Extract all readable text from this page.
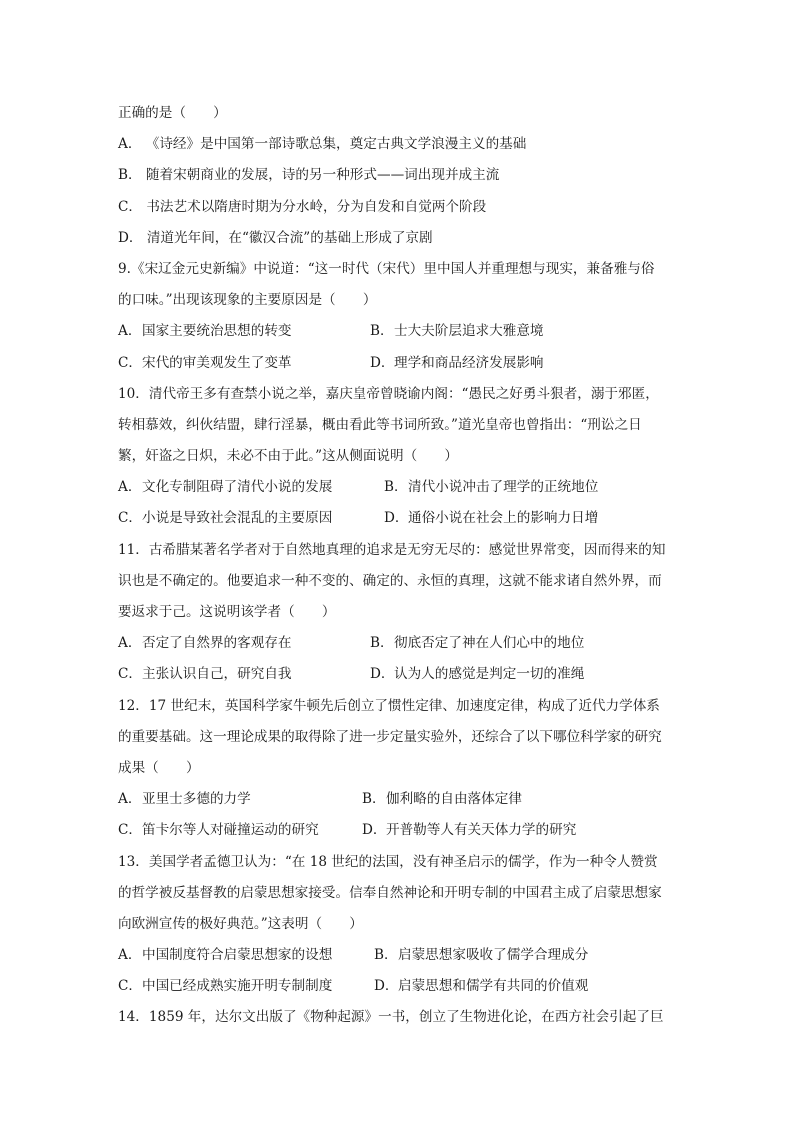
正确的是（　　）
A． 《诗经》是中国第一部诗歌总集，奠定古典文学浪漫主义的基础
B． 随着宋朝商业的发展，诗的另一种形式——词出现并成主流
C． 书法艺术以隋唐时期为分水岭，分为自发和自觉两个阶段
D． 清道光年间，在“徽汉合流”的基础上形成了京剧
9.《宋辽金元史新编》中说道：“这一时代（宋代）里中国人并重理想与现实，兼备雅与俗
的口味。”出现该现象的主要原因是（　　）
A．国家主要统治思想的转变	B．士大夫阶层追求大雅意境
C．宋代的审美观发生了变革	D．理学和商品经济发展影响
10．清代帝王多有查禁小说之举，嘉庆皇帝曾晓谕内阁：“愚民之好勇斗狠者，溺于邪匿，
转相慕效，纠伙结盟，肆行淫暴，概由看此等书词所致。”道光皇帝也曾指出：“刑讼之日
繁，奸盗之日炽，未必不由于此。”这从侧面说明（　　）
A．文化专制阻碍了清代小说的发展	B．清代小说冲击了理学的正统地位
C．小说是导致社会混乱的主要原因	D．通俗小说在社会上的影响力日增
11．古希腊某著名学者对于自然地真理的追求是无穷无尽的：感觉世界常变，因而得来的知
识也是不确定的。他要追求一种不变的、确定的、永恒的真理，这就不能求诸自然外界，而
要返求于己。这说明该学者（　　）
A．否定了自然界的客观存在	B．彻底否定了神在人们心中的地位
C．主张认识自己，研究自我	D．认为人的感觉是判定一切的准绳
12．17 世纪末，英国科学家牛顿先后创立了惯性定律、加速度定律，构成了近代力学体系
的重要基础。这一理论成果的取得除了进一步定量实验外，还综合了以下哪位科学家的研究
成果（　　）
A．亚里士多德的力学	B．伽利略的自由落体定律
C．笛卡尔等人对碰撞运动的研究	D．开普勒等人有关天体力学的研究
13．美国学者孟德卫认为：“在 18 世纪的法国，没有神圣启示的儒学，作为一种令人赞赏
的哲学被反基督教的启蒙思想家接受。信奉自然神论和开明专制的中国君主成了启蒙思想家
向欧洲宣传的极好典范。”这表明（　　）
A．中国制度符合启蒙思想家的设想	B．启蒙思想家吸收了儒学合理成分
C．中国已经成熟实施开明专制制度	D．启蒙思想和儒学有共同的价值观
14．1859 年，达尔文出版了《物种起源》一书，创立了生物进化论，在西方社会引起了巨
